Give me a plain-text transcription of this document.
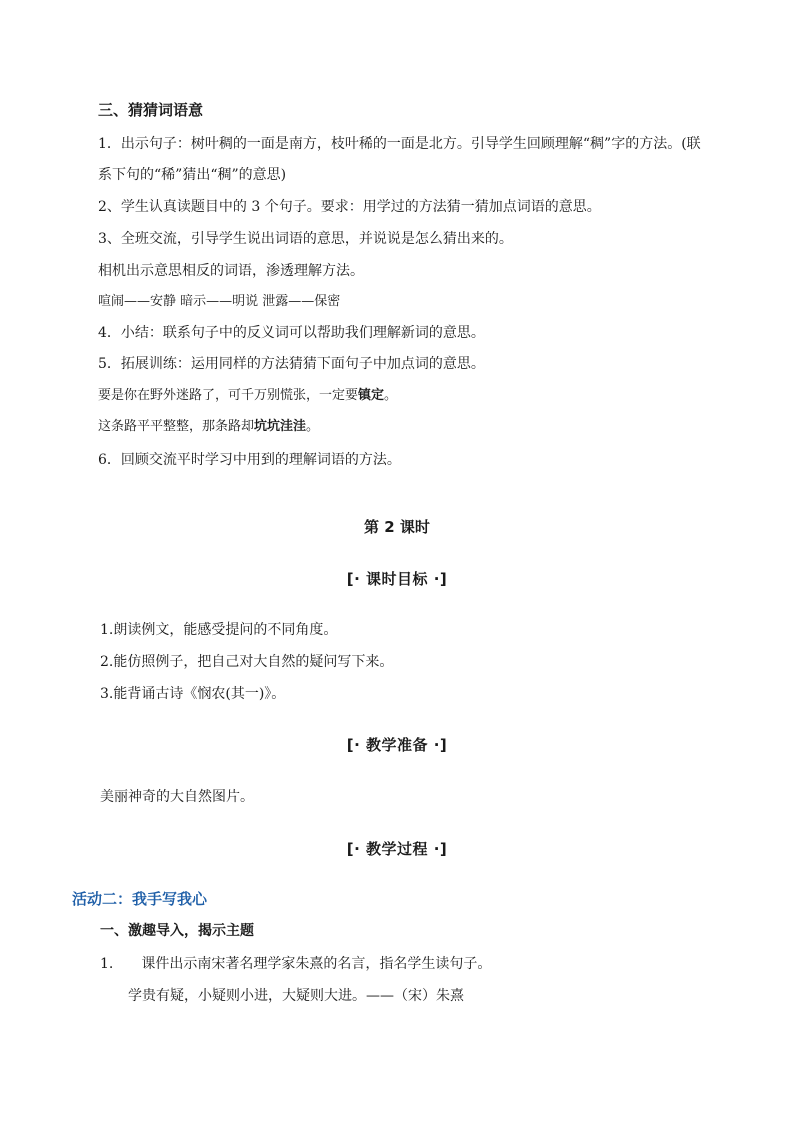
三、猜猜词语意
1．出示句子：树叶稠的一面是南方，枝叶稀的一面是北方。引导学生回顾理解“稠”字的方法。(联
系下句的“稀”猜出“稠”的意思)
2、学生认真读题目中的 3 个句子。要求：用学过的方法猜一猜加点词语的意思。
3、全班交流，引导学生说出词语的意思，并说说是怎么猜出来的。
相机出示意思相反的词语，渗透理解方法。
喧闹——安静 暗示——明说 泄露——保密
4．小结：联系句子中的反义词可以帮助我们理解新词的意思。
5．拓展训练：运用同样的方法猜猜下面句子中加点词的意思。
要是你在野外迷路了，可千万别慌张，一定要镇定。
这条路平平整整，那条路却坑坑洼洼。
6．回顾交流平时学习中用到的理解词语的方法。
第 2 课时
[· 课时目标 ·]
1.朗读例文，能感受提问的不同角度。
2.能仿照例子，把自己对大自然的疑问写下来。
3.能背诵古诗《悯农(其一)》。
[· 教学准备 ·]
美丽神奇的大自然图片。
[· 教学过程 ·]
活动二：我手写我心
一、激趣导入，揭示主题
1.　　课件出示南宋著名理学家朱熹的名言，指名学生读句子。
学贵有疑，小疑则小进，大疑则大进。——（宋）朱熹
